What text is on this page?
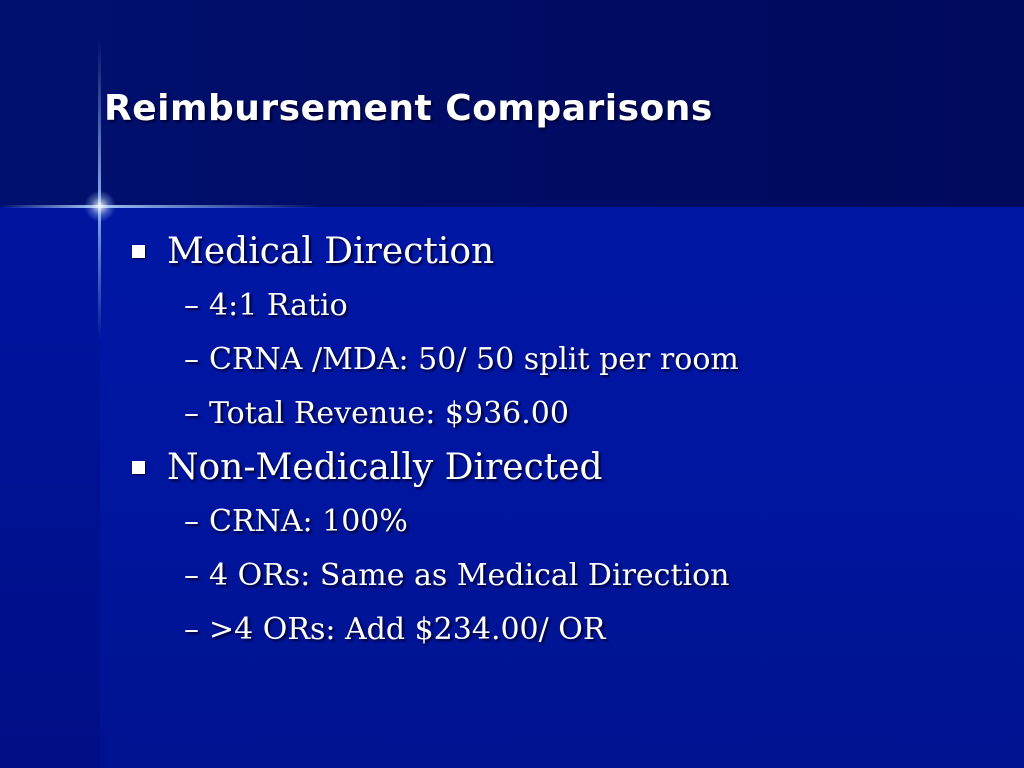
Reimbursement Comparisons
Medical Direction
– 4:1 Ratio
– CRNA /MDA: 50/ 50 split per room
– Total Revenue: $936.00
Non-Medically Directed
– CRNA: 100%
– 4 ORs: Same as Medical Direction
– >4 ORs: Add $234.00/ OR
